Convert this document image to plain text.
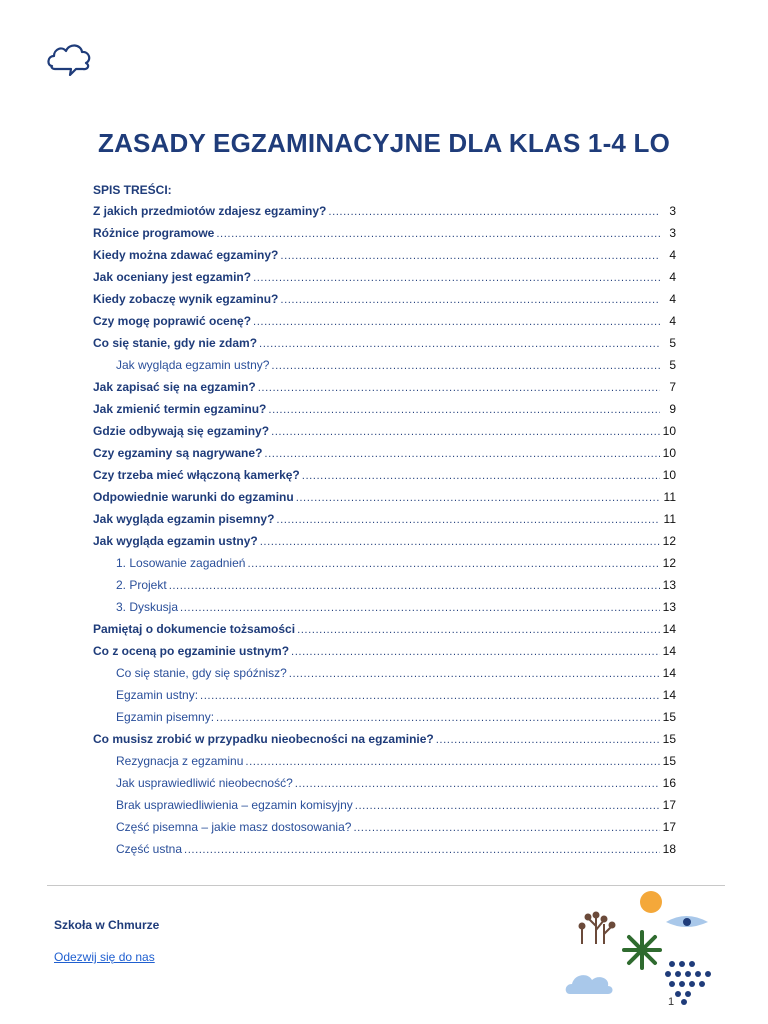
ZASADY EGZAMINACYJNE DLA KLAS 1-4 LO
SPIS TREŚCI:
Z jakich przedmiotów zdajesz egzaminy? .....	3
Różnice programowe .....	3
Kiedy można zdawać egzaminy? .....	4
Jak oceniany jest egzamin? .....	4
Kiedy zobaczę wynik egzaminu? .....	4
Czy mogę poprawić ocenę? .....	4
Co się stanie, gdy nie zdam? .....	5
Jak wygląda egzamin ustny? .....	5
Jak zapisać się na egzamin? .....	7
Jak zmienić termin egzaminu? .....	9
Gdzie odbywają się egzaminy? .....	10
Czy egzaminy są nagrywane? .....	10
Czy trzeba mieć włączoną kamerkę? .....	10
Odpowiednie warunki do egzaminu .....	11
Jak wygląda egzamin pisemny? .....	11
Jak wygląda egzamin ustny? .....	12
1. Losowanie zagadnień .....	12
2. Projekt .....	13
3. Dyskusja .....	13
Pamiętaj o dokumencie tożsamości .....	14
Co z oceną po egzaminie ustnym? .....	14
Co się stanie, gdy się spóźnisz? .....	14
Egzamin ustny: .....	14
Egzamin pisemny: .....	15
Co musisz zrobić w przypadku nieobecności na egzaminie? .....	15
Rezygnacja z egzaminu .....	15
Jak usprawiedliwić nieobecność? .....	16
Brak usprawiedliwienia – egzamin komisyjny .....	17
Część pisemna – jakie masz dostosowania? .....	17
Część ustna .....	18
Szkoła w Chmurze
Odezwij się do nas
1
